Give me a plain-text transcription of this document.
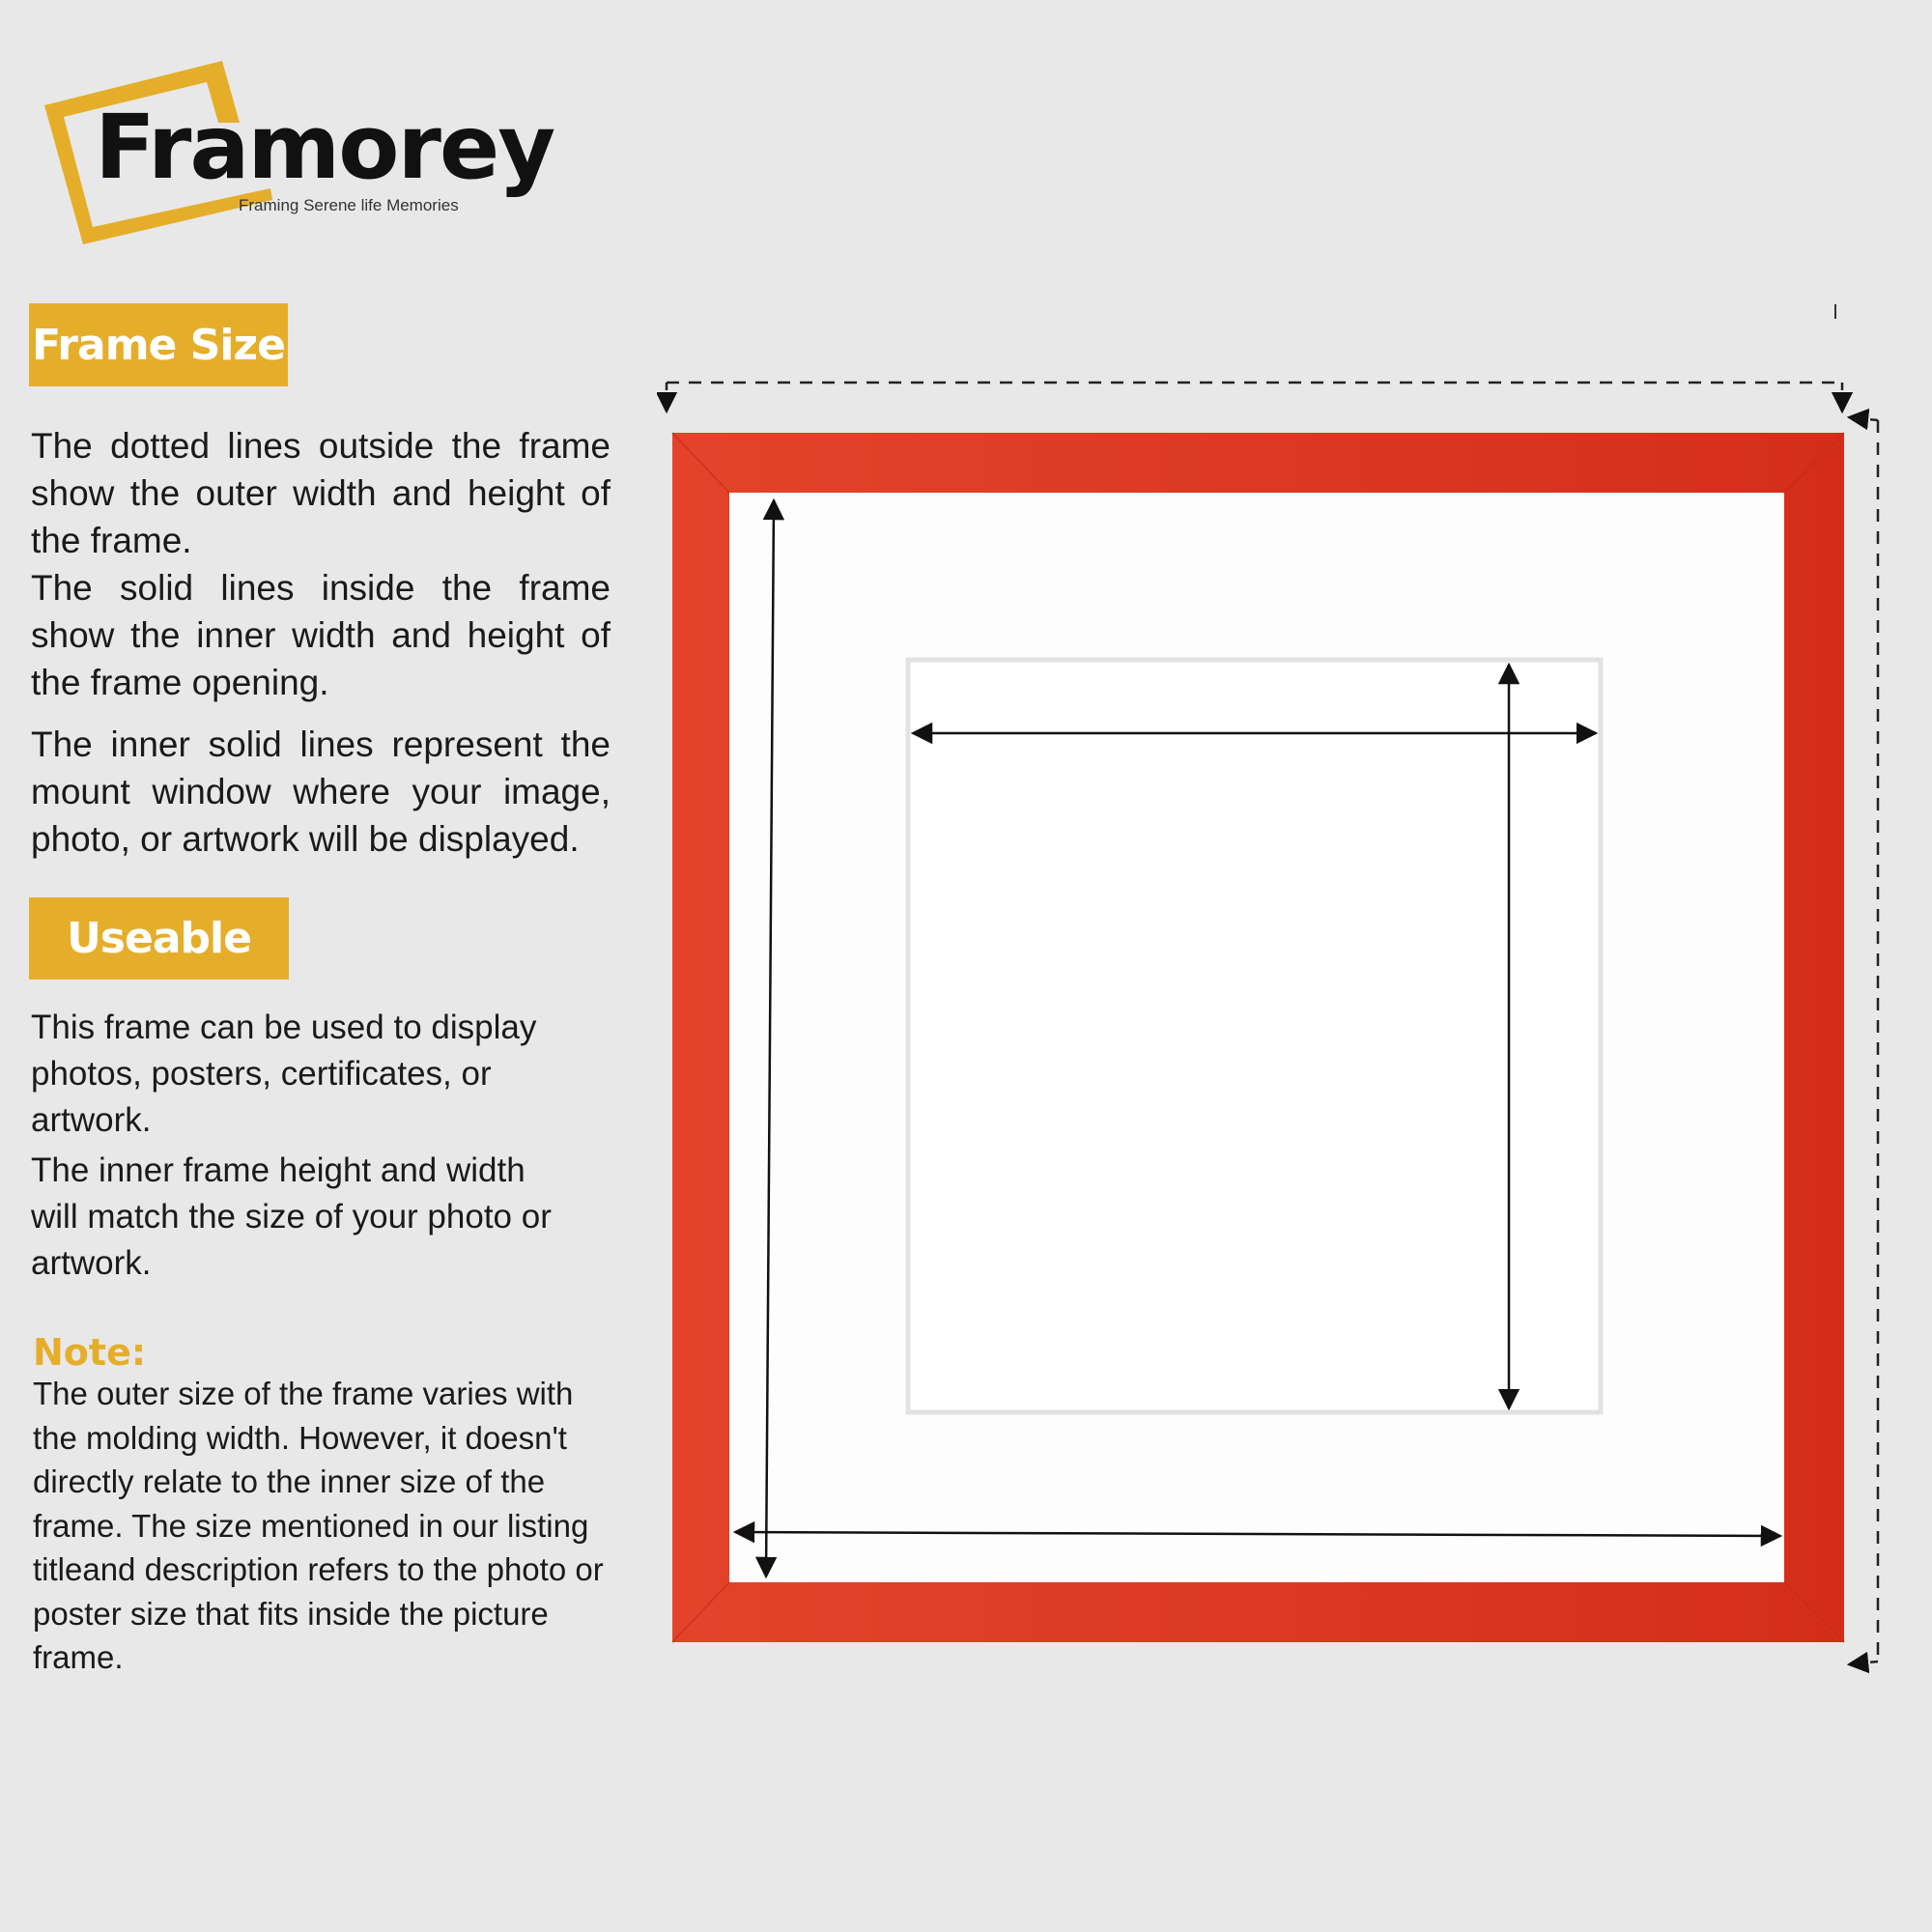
Framorey
Framing Serene life Memories
Frame Size

The dotted lines outside the frame show the outer width and height of the frame.

The solid lines inside the frame show the inner width and height of the frame opening.

The inner solid lines represent the mount window where your image, photo, or artwork will be displayed.

Useable

This frame can be used to display photos, posters, certificates, or artwork.

The inner frame height and width will match the size of your photo or artwork.

Note:

The outer size of the frame varies with the molding width. However, it doesn't directly relate to the inner size of the frame. The size mentioned in our listing titleand description refers to the photo or poster size that fits inside the picture frame.
